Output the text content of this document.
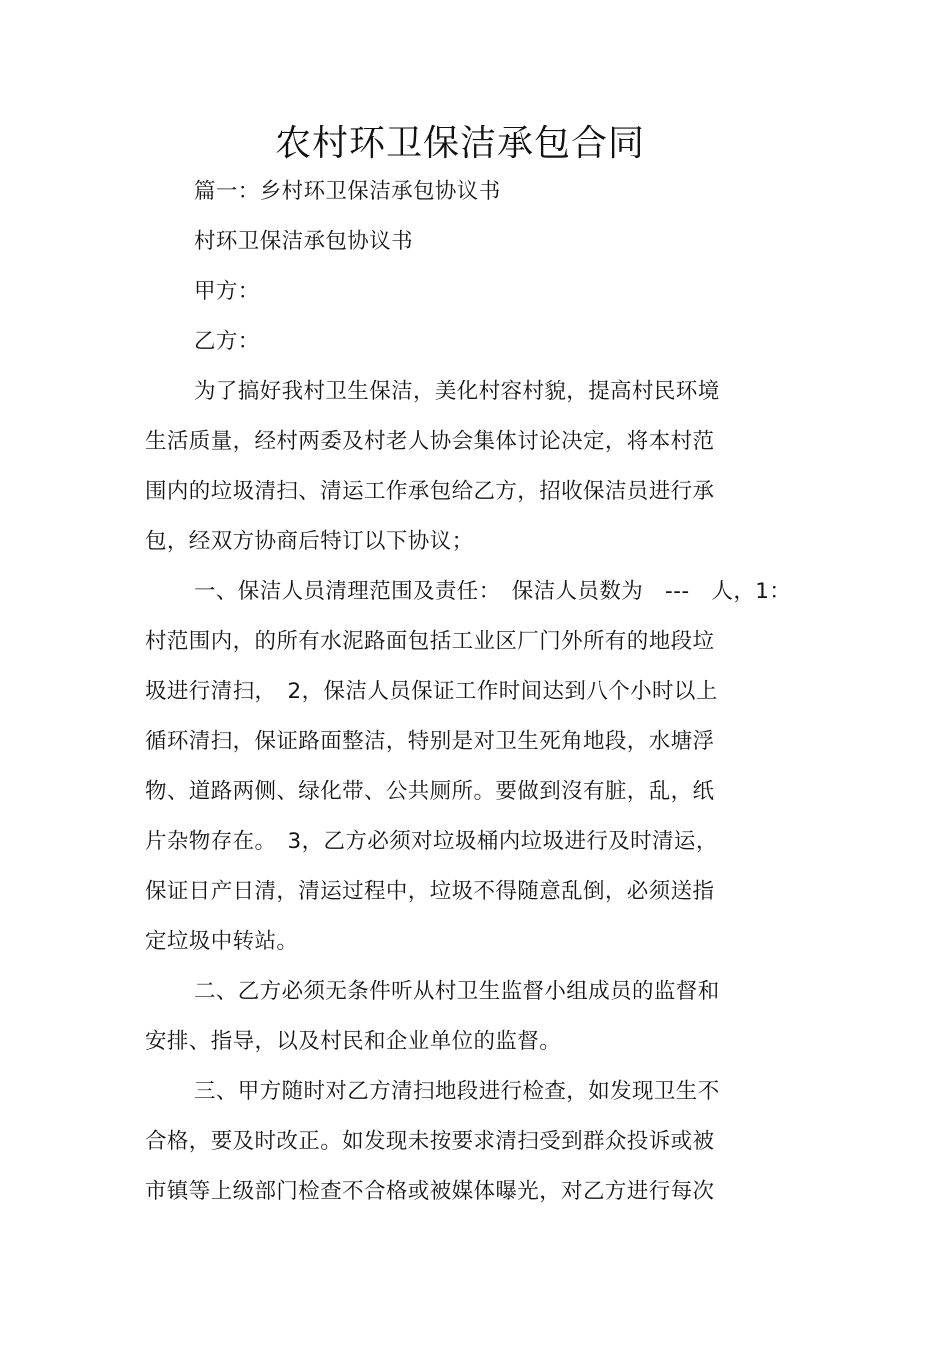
农村环卫保洁承包合同
篇一：乡村环卫保洁承包协议书
村环卫保洁承包协议书
甲方：
乙方：
为了搞好我村卫生保洁，美化村容村貌，提高村民环境
生活质量，经村两委及村老人协会集体讨论决定，将本村范
围内的垃圾清扫、清运工作承包给乙方，招收保洁员进行承
包，经双方协商后特订以下协议；
一、保洁人员清理范围及责任：　保洁人员数为　---　人，1：
村范围内，的所有水泥路面包括工业区厂门外所有的地段垃
圾进行清扫，　2，保洁人员保证工作时间达到八个小时以上
循环清扫，保证路面整洁，特别是对卫生死角地段，水塘浮
物、道路两侧、绿化带、公共厕所。要做到沒有脏，乱，纸
片杂物存在。　3，乙方必须对垃圾桶内垃圾进行及时清运，
保证日产日清，清运过程中，垃圾不得随意乱倒，必须送指
定垃圾中转站。
二、乙方必须无条件听从村卫生监督小组成员的监督和
安排、指导，以及村民和企业单位的监督。
三、甲方随时对乙方清扫地段进行检查，如发现卫生不
合格，要及时改正。如发现未按要求清扫受到群众投诉或被
市镇等上级部门检查不合格或被媒体曝光，对乙方进行每次
